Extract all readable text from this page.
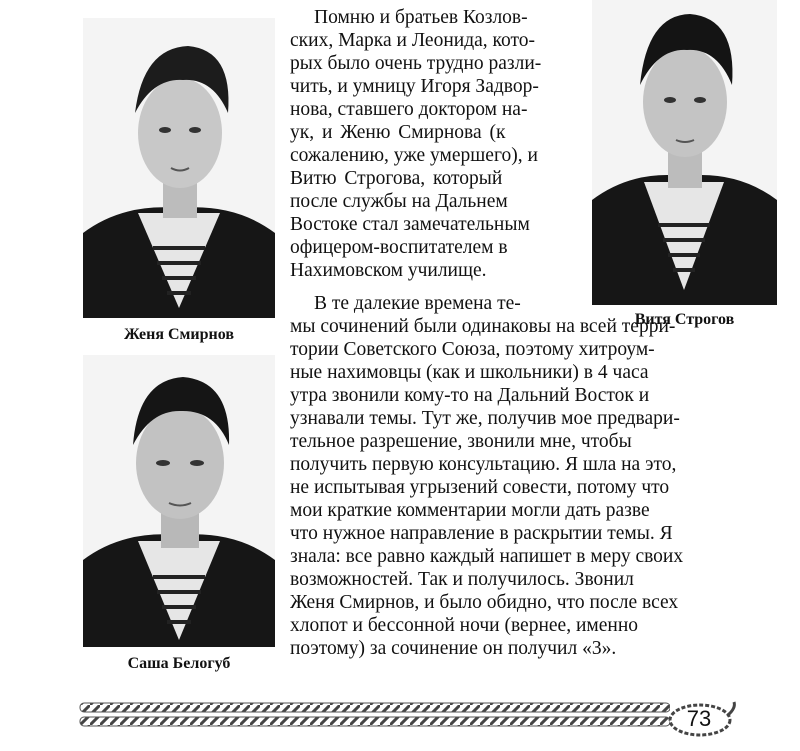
Женя Смирнов
Витя Строгов
Саша Белогуб
Помню и братьев Козлов-
ских, Марка и Леонида, кото-
рых было очень трудно разли-
чить, и умницу Игоря Задвор-
нова, ставшего доктором на-
ук, и Женю Смирнова (к
сожалению, уже умершего), и
Витю Строгова, который
после службы на Дальнем
Востоке стал замечательным
офицером-воспитателем в
Нахимовском училище.
В те далекие времена те-
мы сочинений были одинаковы на всей терри-
тории Советского Союза, поэтому хитроум-
ные нахимовцы (как и школьники) в 4 часа
утра звонили кому-то на Дальний Восток и
узнавали темы. Тут же, получив мое предвари-
тельное разрешение, звонили мне, чтобы
получить первую консультацию. Я шла на это,
не испытывая угрызений совести, потому что
мои краткие комментарии могли дать разве
что нужное направление в раскрытии темы. Я
знала: все равно каждый напишет в меру своих
возможностей. Так и получилось. Звонил
Женя Смирнов, и было обидно, что после всех
хлопот и бессонной ночи (вернее, именно
поэтому) за сочинение он получил «3».
73
